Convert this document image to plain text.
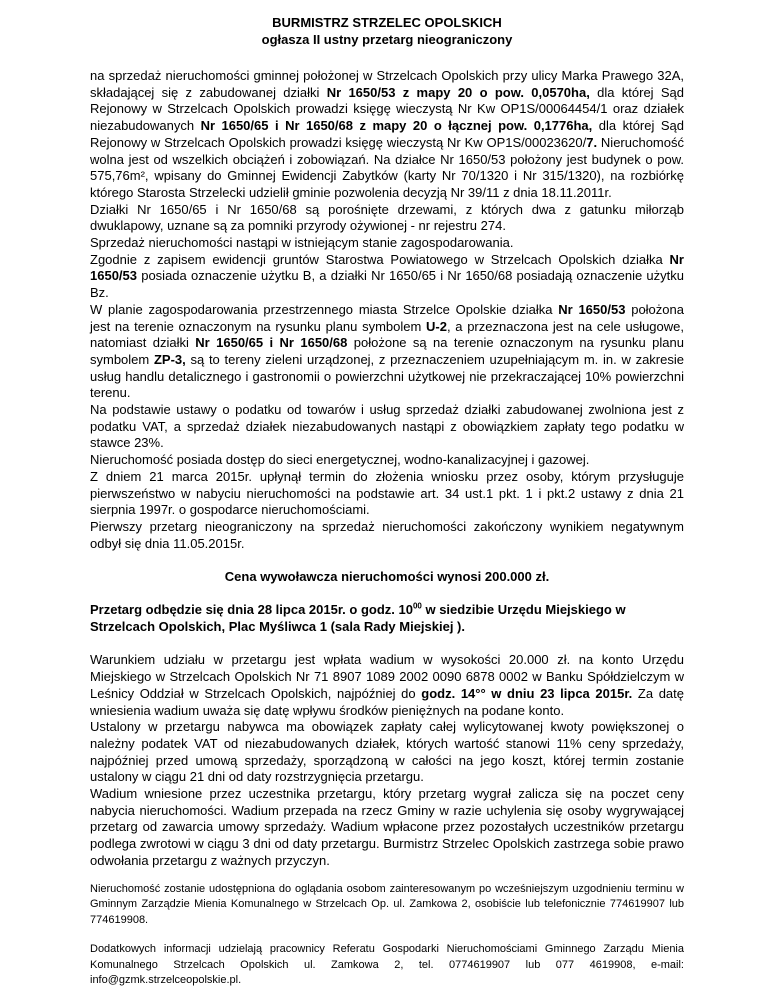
BURMISTRZ STRZELEC OPOLSKICH
ogłasza II ustny przetarg nieograniczony

na sprzedaż nieruchomości gminnej położonej w Strzelcach Opolskich przy ulicy Marka Prawego 32A, składającej się z zabudowanej działki Nr 1650/53 z mapy 20 o pow. 0,0570ha, dla której Sąd Rejonowy w Strzelcach Opolskich prowadzi księgę wieczystą Nr Kw OP1S/00064454/1 oraz działek niezabudowanych Nr 1650/65 i Nr 1650/68 z mapy 20 o łącznej pow. 0,1776ha, dla której Sąd Rejonowy w Strzelcach Opolskich prowadzi księgę wieczystą Nr Kw OP1S/00023620/7. Nieruchomość wolna jest od wszelkich obciążeń i zobowiązań. Na działce Nr 1650/53 położony jest budynek o pow. 575,76m², wpisany do Gminnej Ewidencji Zabytków (karty Nr 70/1320 i Nr 315/1320), na rozbiórkę którego Starosta Strzelecki udzielił gminie pozwolenia decyzją Nr 39/11 z dnia 18.11.2011r.

Działki Nr 1650/65 i Nr 1650/68 są porośnięte drzewami, z których dwa z gatunku miłorząb dwuklapowy, uznane są za pomniki przyrody ożywionej - nr rejestru 274.

Sprzedaż nieruchomości nastąpi w istniejącym stanie zagospodarowania.

Zgodnie z zapisem ewidencji gruntów Starostwa Powiatowego w Strzelcach Opolskich działka Nr 1650/53 posiada oznaczenie użytku B, a działki Nr 1650/65 i Nr 1650/68 posiadają oznaczenie użytku Bz.

W planie zagospodarowania przestrzennego miasta Strzelce Opolskie działka Nr 1650/53 położona jest na terenie oznaczonym na rysunku planu symbolem U-2, a przeznaczona jest na cele usługowe, natomiast działki Nr 1650/65 i Nr 1650/68 położone są na terenie oznaczonym na rysunku planu symbolem ZP-3, są to tereny zieleni urządzonej, z przeznaczeniem uzupełniającym m. in. w zakresie usług handlu detalicznego i gastronomii o powierzchni użytkowej nie przekraczającej 10% powierzchni terenu.

Na podstawie ustawy o podatku od towarów i usług sprzedaż działki zabudowanej zwolniona jest z podatku VAT, a sprzedaż działek niezabudowanych nastąpi z obowiązkiem zapłaty tego podatku w stawce 23%.

Nieruchomość posiada dostęp do sieci energetycznej, wodno-kanalizacyjnej i gazowej.

Z dniem 21 marca 2015r. upłynął termin do złożenia wniosku przez osoby, którym przysługuje pierwszeństwo w nabyciu nieruchomości na podstawie art. 34 ust.1 pkt. 1 i pkt.2 ustawy z dnia 21 sierpnia 1997r. o gospodarce nieruchomościami.

Pierwszy przetarg nieograniczony na sprzedaż nieruchomości zakończony wynikiem negatywnym odbył się dnia 11.05.2015r.

Cena wywoławcza nieruchomości wynosi 200.000 zł.
Przetarg odbędzie się dnia 28 lipca 2015r. o godz. $10^{00}$ w siedzibie Urzędu Miejskiego w Strzelcach Opolskich, Plac Myśliwca 1 (sala Rady Miejskiej ).

Warunkiem udziału w przetargu jest wpłata wadium w wysokości 20.000 zł. na konto Urzędu Miejskiego w Strzelcach Opolskich Nr 71 8907 1089 2002 0090 6878 0002 w Banku Spółdzielczym w Leśnicy Oddział w Strzelcach Opolskich, najpóźniej do godz. 14°° w dniu 23 lipca 2015r. Za datę wniesienia wadium uważa się datę wpływu środków pieniężnych na podane konto.

Ustalony w przetargu nabywca ma obowiązek zapłaty całej wylicytowanej kwoty powiększonej o należny podatek VAT od niezabudowanych działek, których wartość stanowi 11% ceny sprzedaży, najpóźniej przed umową sprzedaży, sporządzoną w całości na jego koszt, której termin zostanie ustalony w ciągu 21 dni od daty rozstrzygnięcia przetargu.

Wadium wniesione przez uczestnika przetargu, który przetarg wygrał zalicza się na poczet ceny nabycia nieruchomości. Wadium przepada na rzecz Gminy w razie uchylenia się osoby wygrywającej przetarg od zawarcia umowy sprzedaży. Wadium wpłacone przez pozostałych uczestników przetargu podlega zwrotowi w ciągu 3 dni od daty przetargu. Burmistrz Strzelec Opolskich zastrzega sobie prawo odwołania przetargu z ważnych przyczyn.

Nieruchomość zostanie udostępniona do oglądania osobom zainteresowanym po wcześniejszym uzgodnieniu terminu w Gminnym Zarządzie Mienia Komunalnego w Strzelcach Op. ul. Zamkowa 2, osobiście lub telefonicznie 774619907 lub 774619908.

Dodatkowych informacji udzielają pracownicy Referatu Gospodarki Nieruchomościami Gminnego Zarządu Mienia Komunalnego Strzelcach Opolskich ul. Zamkowa 2, tel. 0774619907 lub 077 4619908, e-mail: info@gzmk.strzelceopolskie.pl.
